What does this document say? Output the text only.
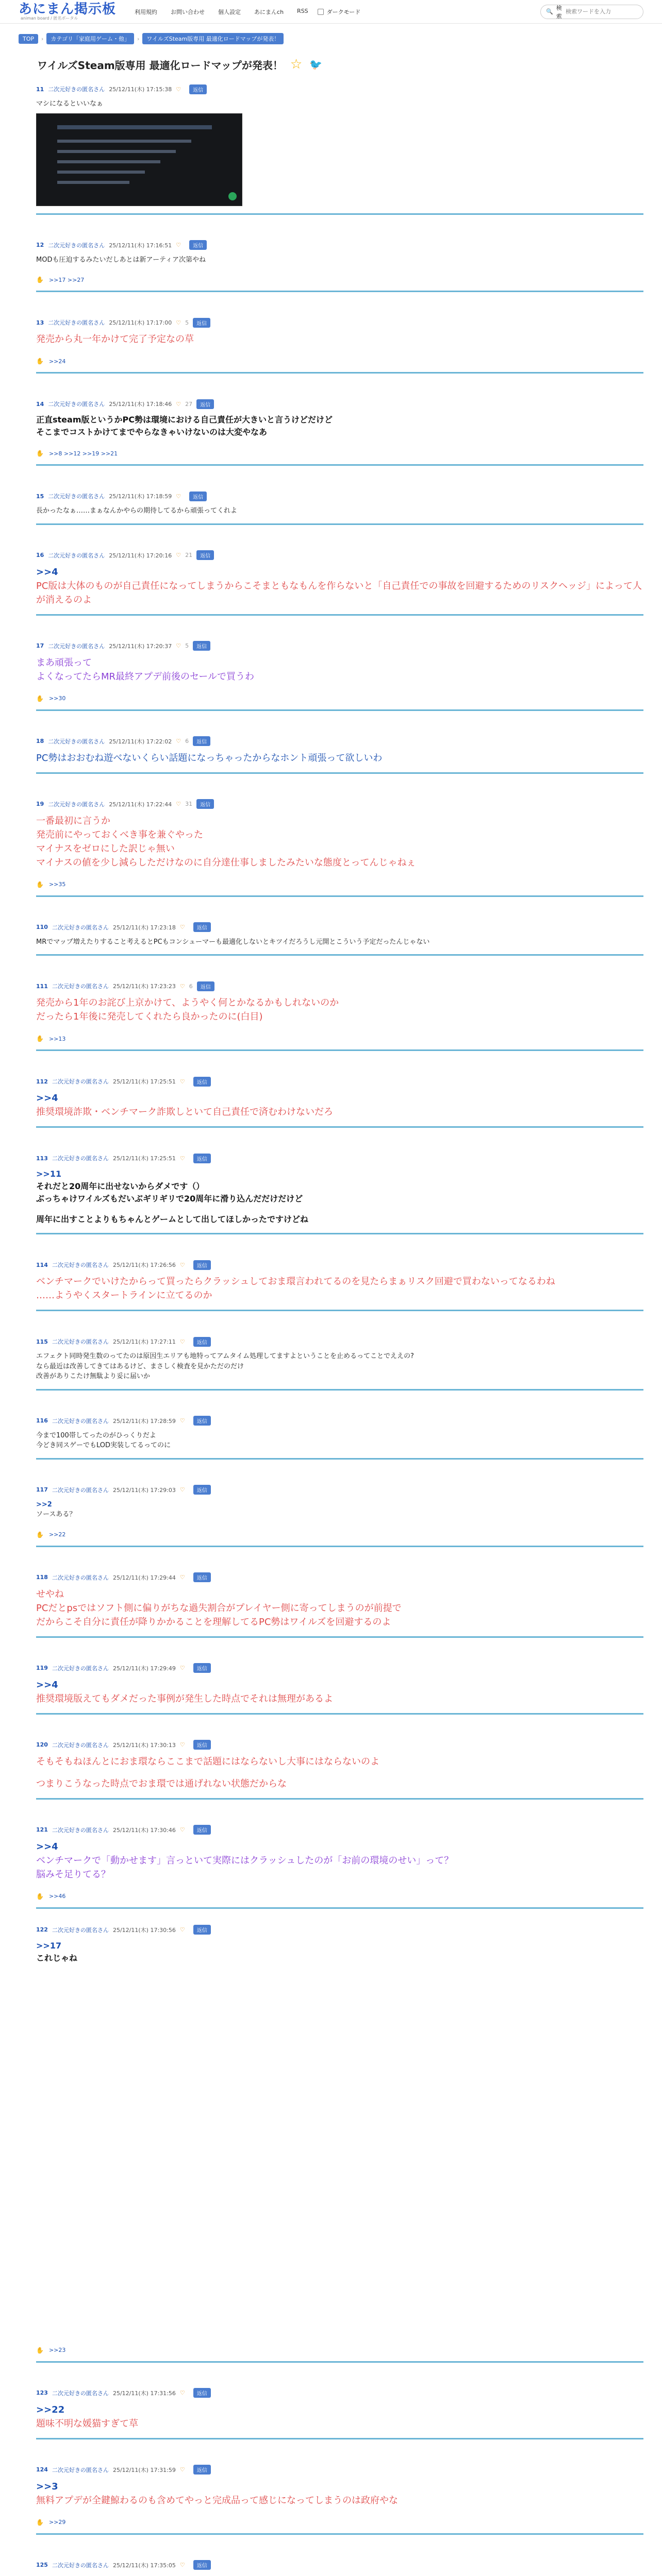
あにまん掲示板
animan board / 匿名ポータル
利用規約 お問い合わせ 個人設定 あにまんch RSS	ダークモード	🔍
検索
検索ワードを入力
TOP	›	カテゴリ「家庭用ゲーム・他」	›	ワイルズSteam版専用 最適化ロードマップが発表！
ワイルズSteam版専用 最適化ロードマップが発表！ ☆ 🐦
11 二次元好きの匿名さん 25/12/11(木) 17:15:38 ♡	返信
マシになるといいなぁ
12 二次元好きの匿名さん 25/12/11(木) 17:16:51 ♡	返信
MODも圧迫するみたいだしあとは新アーティア次第やね
✋ >>17 >>27
13 二次元好きの匿名さん 25/12/11(木) 17:17:00 ♡ 5	返信
発売から丸一年かけて完了予定なの草
✋ >>24
14 二次元好きの匿名さん 25/12/11(木) 17:18:46 ♡ 27	返信
正直steam版というかPC勢は環境における自己責任が大きいと言うけどだけど
そこまでコストかけてまでやらなきゃいけないのは大変やなあ
✋ >>8 >>12 >>19 >>21
15 二次元好きの匿名さん 25/12/11(木) 17:18:59 ♡	返信
長かったなぁ……まぁなんかやらの期待してるから頑張ってくれよ
16 二次元好きの匿名さん 25/12/11(木) 17:20:16 ♡ 21	返信
>>4
PC版は大体のものが自己責任になってしまうからこそまともなもんを作らないと「自己責任での事故を回避するためのリスクヘッジ」によって人が消えるのよ
17 二次元好きの匿名さん 25/12/11(木) 17:20:37 ♡ 5	返信
まあ頑張って
よくなってたらMR最終アプデ前後のセールで買うわ
✋ >>30
18 二次元好きの匿名さん 25/12/11(木) 17:22:02 ♡ 6	返信
PC勢はおおむね遊べないくらい話題になっちゃったからなホント頑張って欲しいわ
19 二次元好きの匿名さん 25/12/11(木) 17:22:44 ♡ 31	返信
一番最初に言うか
発売前にやっておくべき事を兼ぐやった
マイナスをゼロにした訳じゃ無い
マイナスの値を少し減らしただけなのに自分達仕事しましたみたいな態度とってんじゃねぇ
✋ >>35
110 二次元好きの匿名さん 25/12/11(木) 17:23:18 ♡	返信
MRでマップ増えたりすること考えるとPCもコンシューマーも最適化しないとキツイだろうし元開とこういう予定だったんじゃない
111 二次元好きの匿名さん 25/12/11(木) 17:23:23 ♡ 6	返信
発売から1年のお詫び上京かけて、ようやく何とかなるかもしれないのか
だったら1年後に発売してくれたら良かったのに(白目)
✋ >>13
112 二次元好きの匿名さん 25/12/11(木) 17:25:51 ♡	返信
>>4
推奨環境詐欺・ベンチマーク詐欺しといて自己責任で済むわけないだろ
113 二次元好きの匿名さん 25/12/11(木) 17:25:51 ♡	返信
>>11
それだと20周年に出せないからダメです（）
ぶっちゃけワイルズもだいぶギリギリで20周年に滑り込んだだけだけど
周年に出すことよりもちゃんとゲームとして出してほしかったですけどね
114 二次元好きの匿名さん 25/12/11(木) 17:26:56 ♡	返信
ベンチマークでいけたからって買ったらクラッシュしておま環言われてるのを見たらまぁリスク回避で買わないってなるわね
……ようやくスタートラインに立てるのか
115 二次元好きの匿名さん 25/12/11(木) 17:27:11 ♡	返信
エフェクト同時発生数のってたのは原因生エリアも地特ってアムタイム処理してますよということを止めるってことでええの?
なら最近は改善してきてはあるけど、まさしく検査を見かただのだけ
改善がありこたけ無駄より妥に届いか
116 二次元好きの匿名さん 25/12/11(木) 17:28:59 ♡	返信
今まで100帯してったのがひっくりだよ
今どき同スゲーでもLOD実装してるってのに
117 二次元好きの匿名さん 25/12/11(木) 17:29:03 ♡	返信
>>2
ソースある？
✋ >>22
118 二次元好きの匿名さん 25/12/11(木) 17:29:44 ♡	返信
せやね
PCだとpsではソフト側に偏りがちな過失割合がプレイヤー側に寄ってしまうのが前提で
だからこそ自分に責任が降りかかることを理解してるPC勢はワイルズを回避するのよ
119 二次元好きの匿名さん 25/12/11(木) 17:29:49 ♡	返信
>>4
推奨環境版えてもダメだった事例が発生した時点でそれは無理があるよ
120 二次元好きの匿名さん 25/12/11(木) 17:30:13 ♡	返信
そもそもねほんとにおま環ならここまで話題にはならないし大事にはならないのよ
つまりこうなった時点でおま環では通げれない状態だからな
121 二次元好きの匿名さん 25/12/11(木) 17:30:46 ♡	返信
>>4
ベンチマークで「動かせます」言っといて実際にはクラッシュしたのが「お前の環境のせい」って？
脳みそ足りてる？
✋ >>46
122 二次元好きの匿名さん 25/12/11(木) 17:30:56 ♡	返信
>>17
これじゃね
✋ >>23
123 二次元好きの匿名さん 25/12/11(木) 17:31:56 ♡	返信
>>22
題味不明な媛猫すぎて草
124 二次元好きの匿名さん 25/12/11(木) 17:31:59 ♡	返信
>>3
無料アプデが全鍵鯨わるのも含めてやっと完成品って感じになってしまうのは政府やな
✋ >>29
125 二次元好きの匿名さん 25/12/11(木) 17:35:05 ♡	返信
